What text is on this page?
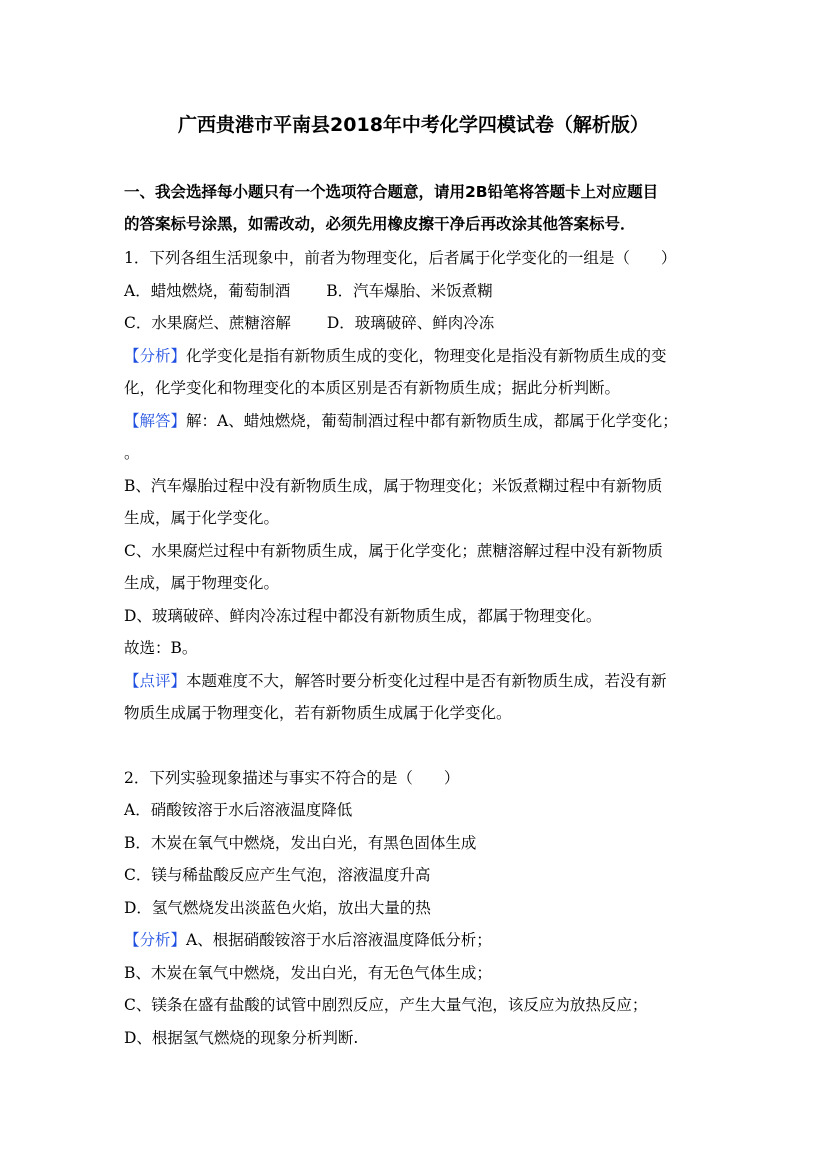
广西贵港市平南县2018年中考化学四模试卷（解析版）
一、我会选择每小题只有一个选项符合题意，请用2B铅笔将答题卡上对应题目
的答案标号涂黑，如需改动，必须先用橡皮擦干净后再改涂其他答案标号．
1．下列各组生活现象中，前者为物理变化，后者属于化学变化的一组是（　　）
A．蜡烛燃烧，葡萄制酒 B．汽车爆胎、米饭煮糊
C．水果腐烂、蔗糖溶解 D．玻璃破碎、鲜肉冷冻
【分析】化学变化是指有新物质生成的变化，物理变化是指没有新物质生成的变
化，化学变化和物理变化的本质区别是否有新物质生成；据此分析判断。
【解答】解：A、蜡烛燃烧，葡萄制酒过程中都有新物质生成，都属于化学变化；
。
B、汽车爆胎过程中没有新物质生成，属于物理变化；米饭煮糊过程中有新物质
生成，属于化学变化。
C、水果腐烂过程中有新物质生成，属于化学变化；蔗糖溶解过程中没有新物质
生成，属于物理变化。
D、玻璃破碎、鲜肉冷冻过程中都没有新物质生成，都属于物理变化。
故选：B。
【点评】本题难度不大，解答时要分析变化过程中是否有新物质生成，若没有新
物质生成属于物理变化，若有新物质生成属于化学变化。
2．下列实验现象描述与事实不符合的是（　　）
A．硝酸铵溶于水后溶液温度降低
B．木炭在氧气中燃烧，发出白光，有黑色固体生成
C．镁与稀盐酸反应产生气泡，溶液温度升高
D．氢气燃烧发出淡蓝色火焰，放出大量的热
【分析】A、根据硝酸铵溶于水后溶液温度降低分析；
B、木炭在氧气中燃烧，发出白光，有无色气体生成；
C、镁条在盛有盐酸的试管中剧烈反应，产生大量气泡，该反应为放热反应；
D、根据氢气燃烧的现象分析判断.
